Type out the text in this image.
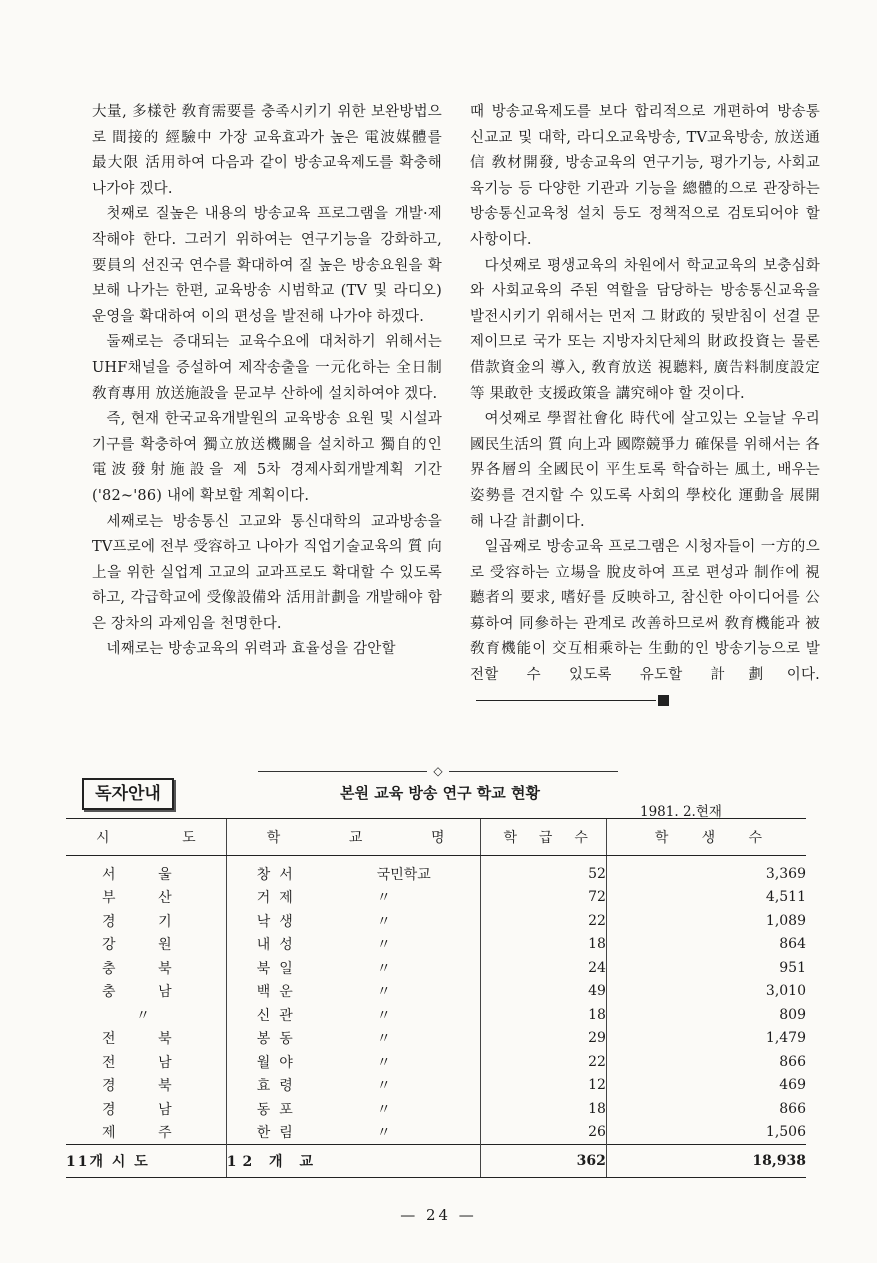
大量, 多樣한 敎育需要를 충족시키기 위한 보완방법으로 間接的 經驗中 가장 교육효과가 높은 電波媒體를 最大限 活用하여 다음과 같이 방송교육제도를 확충해 나가야 겠다.

첫째로 질높은 내용의 방송교육 프로그램을 개발·제작해야 한다. 그러기 위하여는 연구기능을 강화하고, 要員의 선진국 연수를 확대하여 질 높은 방송요원을 확보해 나가는 한편, 교육방송 시범학교 (TV 및 라디오)운영을 확대하여 이의 편성을 발전해 나가야 하겠다.

둘째로는 증대되는 교육수요에 대처하기 위해서는 UHF채널을 증설하여 제작송출을 一元化하는 全日制 敎育專用 放送施設을 문교부 산하에 설치하여야 겠다.

즉, 현재 한국교육개발원의 교육방송 요원 및 시설과 기구를 확충하여 獨立放送機關을 설치하고 獨自的인 電波發射施設을 제 5차 경제사회개발계획 기간('82~'86) 내에 확보할 계획이다.

세째로는 방송통신 고교와 통신대학의 교과방송을 TV프로에 전부 受容하고 나아가 직업기술교육의 質 向上을 위한 실업계 고교의 교과프로도 확대할 수 있도록하고, 각급학교에 受像設備와 活用計劃을 개발해야 함은 장차의 과제임을 천명한다.

네째로는 방송교육의 위력과 효율성을 감안할

때 방송교육제도를 보다 합리적으로 개편하여 방송통신교교 및 대학, 라디오교육방송, TV교육방송, 放送通信 敎材開發, 방송교육의 연구기능, 평가기능, 사회교육기능 등 다양한 기관과 기능을 總體的으로 관장하는 방송통신교육청 설치 등도 정책적으로 검토되어야 할 사항이다.

다섯째로 평생교육의 차원에서 학교교육의 보충심화와 사회교육의 주된 역할을 담당하는 방송통신교육을 발전시키기 위해서는 먼저 그 財政的 뒷받침이 선결 문제이므로 국가 또는 지방자치단체의 財政投資는 물론 借款資金의 導入, 敎育放送 視聽料, 廣告料制度設定等 果敢한 支援政策을 講究해야 할 것이다.

여섯째로 學習社會化 時代에 살고있는 오늘날 우리 國民生活의 質 向上과 國際競爭力 確保를 위해서는 各界各層의 全國民이 平生토록 학습하는 風土, 배우는 姿勢를 견지할 수 있도록 사회의 學校化 運動을 展開해 나갈 計劃이다.

일곱째로 방송교육 프로그램은 시청자들이 一方的으로 受容하는 立場을 脫皮하여 프로 편성과 制作에 視聽者의 要求, 嗜好를 反映하고, 참신한 아이디어를 公募하여 同參하는 관계로 改善하므로써 敎育機能과 被敎育機能이 交互相乘하는 生動的인 방송기능으로 발전할 수 있도록 유도할 計劃이다.

◇
독자안내	본원 교육 방송 연구 학교 현황
1981. 2.현재
시 도	학 교 명	학 급 수	학 생 수

서 울	창서 국민학교	52	3,369

부 산	거제 〃	72	4,511

경 기	낙생 〃	22	1,089

강 원	내성 〃	18	864

충 북	북일 〃	24	951

충 남	백운 〃	49	3,010

〃	신관 〃	18	809

전 북	봉동 〃	29	1,479

전 남	월야 〃	22	866

경 북	효령 〃	12	469

경 남	동포 〃	18	866

제 주	한림 〃	26	1,506
11개 시 도	12 개 교	362	18,938
— 24 —
